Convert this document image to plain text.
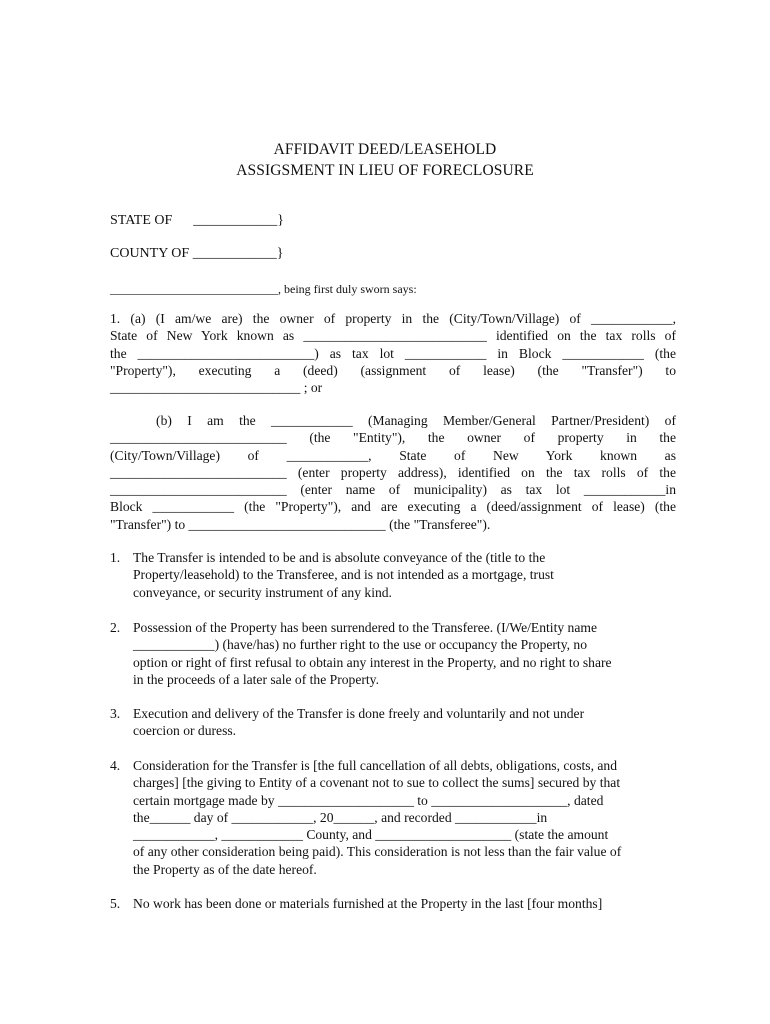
AFFIDAVIT DEED/LEASEHOLD
ASSIGSMENT IN LIEU OF FORECLOSURE
STATE OF      ____________}
COUNTY OF ____________}
____________________________, being first duly sworn says:
1. (a) (I am/we are) the owner of property in the (City/Town/Village) of ____________,
State of New York known as ___________________________ identified on the tax rolls of
the __________________________) as tax lot ____________ in Block ____________ (the
"Property"), executing a (deed) (assignment of lease) (the "Transfer") to
____________________________ ; or
(b) I am the ____________ (Managing Member/General Partner/President) of
__________________________ (the "Entity"), the owner of property in the
(City/Town/Village) of ____________, State of New York known as
__________________________ (enter property address), identified on the tax rolls of the
__________________________ (enter name of municipality) as tax lot ____________in
Block ____________ (the "Property"), and are executing a (deed/assignment of lease) (the
"Transfer") to _____________________________ (the "Transferee").
1. The Transfer is intended to be and is absolute conveyance of the (title to the
Property/leasehold) to the Transferee, and is not intended as a mortgage, trust
conveyance, or security instrument of any kind.
2. Possession of the Property has been surrendered to the Transferee. (I/We/Entity name
____________) (have/has) no further right to the use or occupancy the Property, no
option or right of first refusal to obtain any interest in the Property, and no right to share
in the proceeds of a later sale of the Property.
3. Execution and delivery of the Transfer is done freely and voluntarily and not under
coercion or duress.
4. Consideration for the Transfer is [the full cancellation of all debts, obligations, costs, and
charges] [the giving to Entity of a covenant not to sue to collect the sums] secured by that
certain mortgage made by ____________________ to ____________________, dated
the______ day of ____________, 20______, and recorded ____________in
____________, ____________ County, and ____________________ (state the amount
of any other consideration being paid). This consideration is not less than the fair value of
the Property as of the date hereof.
5. No work has been done or materials furnished at the Property in the last [four months]
